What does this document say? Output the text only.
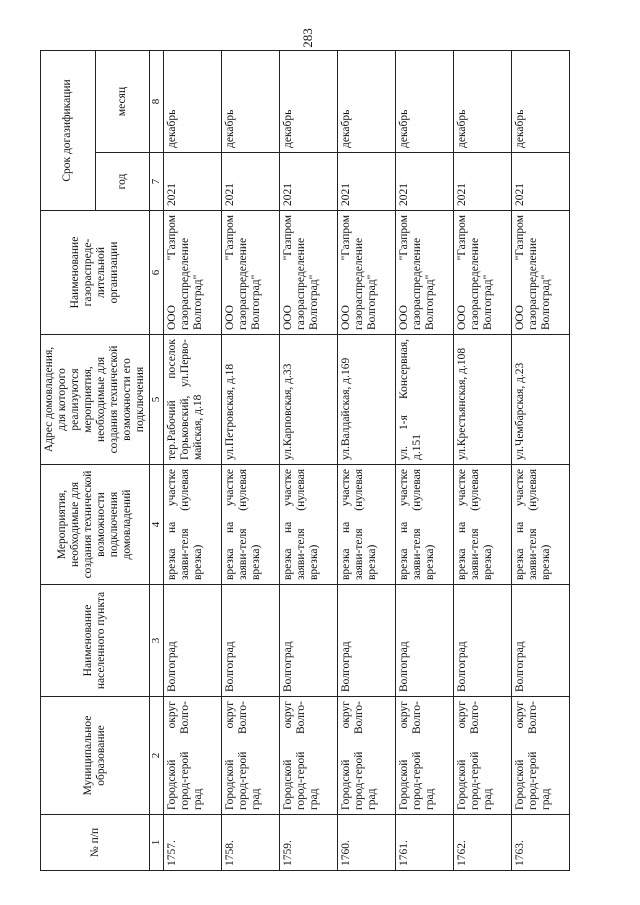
283
№ п/п	Муниципальное образование	Наименование населенного пункта	Мероприятия, необходимые для создания технической возможности подключения домовладений	Адрес домовладения, для которого реализуются мероприятия, необходимые для создания технической возможности его подключения	Наименование газораспреде-лительной организации	Срок догазификации	
						год	месяц
1	2	3	4	5	6	7	8
1757.	Городской округ город-герой Волго-град	Волгоград	врезка на участке заяви-теля (нулевая врезка)	тер.Рабочий поселок Горьковский, ул.Перво-майская, д.18	ООО "Газпром газораспределение Волгоград"	2021	декабрь
1758.	Городской округ город-герой Волго-град	Волгоград	врезка на участке заяви-теля (нулевая врезка)	ул.Петровская, д.18	ООО "Газпром газораспределение Волгоград"	2021	декабрь
1759.	Городской округ город-герой Волго-град	Волгоград	врезка на участке заяви-теля (нулевая врезка)	ул.Карповская, д.33	ООО "Газпром газораспределение Волгоград"	2021	декабрь
1760.	Городской округ город-герой Волго-град	Волгоград	врезка на участке заяви-теля (нулевая врезка)	ул.Валдайская, д.169	ООО "Газпром газораспределение Волгоград"	2021	декабрь
1761.	Городской округ город-герой Волго-град	Волгоград	врезка на участке заяви-теля (нулевая врезка)	ул. 1-я Консервная, д.151	ООО "Газпром газораспределение Волгоград"	2021	декабрь
1762.	Городской округ город-герой Волго-град	Волгоград	врезка на участке заяви-теля (нулевая врезка)	ул.Крестьянская, д.108	ООО "Газпром газораспределение Волгоград"	2021	декабрь
1763.	Городской округ город-герой Волго-град	Волгоград	врезка на участке заяви-теля (нулевая врезка)	ул.Чембарская, д.23	ООО "Газпром газораспределение Волгоград"	2021	декабрь
